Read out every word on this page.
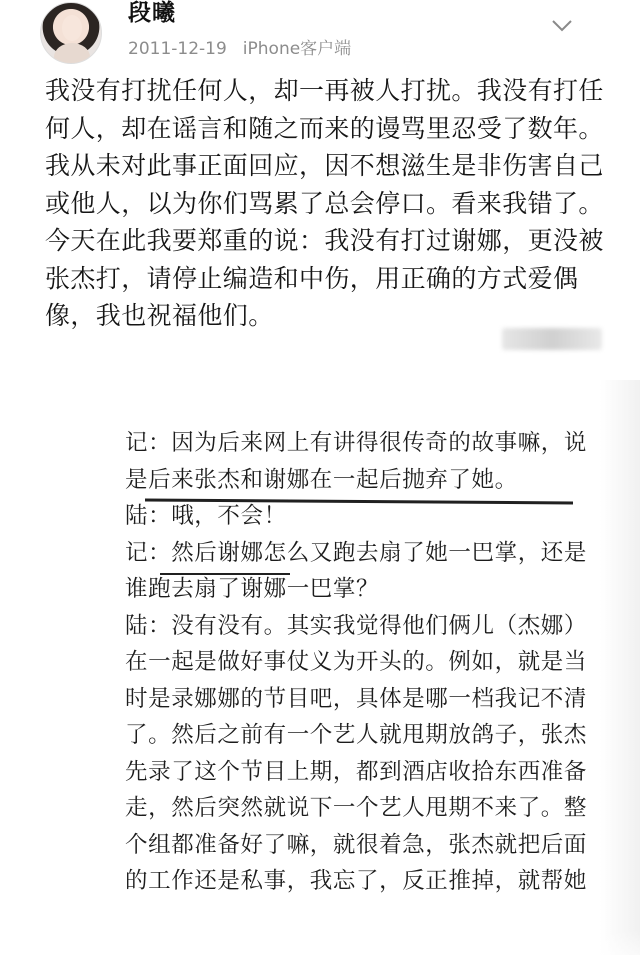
段曦
2011-12-19 iPhone客户端
我没有打扰任何人，却一再被人打扰。我没有打任何人，却在谣言和随之而来的谩骂里忍受了数年。我从未对此事正面回应，因不想滋生是非伤害自己或他人，以为你们骂累了总会停口。看来我错了。今天在此我要郑重的说：我没有打过谢娜，更没被张杰打，请停止编造和中伤，用正确的方式爱偶像，我也祝福他们。

记：因为后来网上有讲得很传奇的故事嘛，说是后来张杰和谢娜在一起后抛弃了她。

陆：哦，不会！

记：然后谢娜怎么又跑去扇了她一巴掌，还是谁跑去扇了谢娜一巴掌？

陆：没有没有。其实我觉得他们俩儿（杰娜）在一起是做好事仗义为开头的。例如，就是当时是录娜娜的节目吧，具体是哪一档我记不清了。然后之前有一个艺人就甩期放鸽子，张杰先录了这个节目上期，都到酒店收拾东西准备走，然后突然就说下一个艺人甩期不来了。整个组都准备好了嘛，就很着急，张杰就把后面的工作还是私事，我忘了，反正推掉，就帮她
